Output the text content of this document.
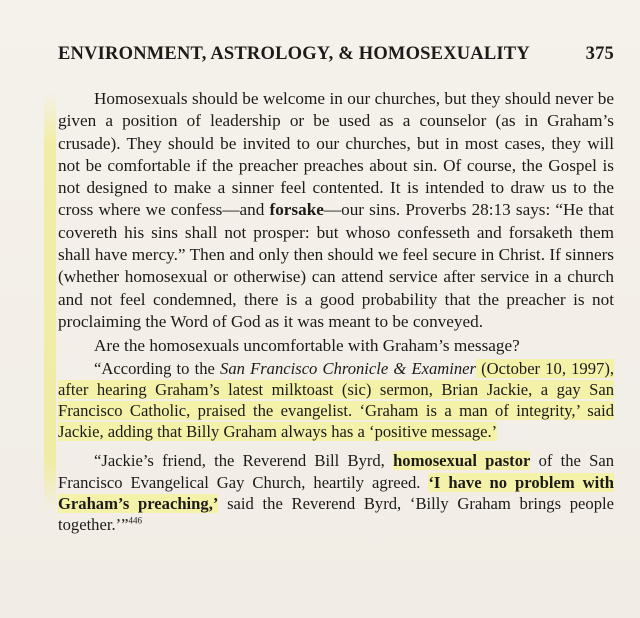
ENVIRONMENT, ASTROLOGY, & HOMOSEXUALITY	375

Homosexuals should be welcome in our churches, but they should never be given a position of leadership or be used as a counselor (as in Graham’s crusade). They should be invited to our churches, but in most cases, they will not be comfortable if the preacher preaches about sin. Of course, the Gospel is not designed to make a sinner feel contented. It is intended to draw us to the cross where we confess—and forsake—our sins. Proverbs 28:13 says: “He that covereth his sins shall not prosper: but whoso confesseth and forsaketh them shall have mercy.” Then and only then should we feel secure in Christ. If sinners (whether homosexual or otherwise) can attend service after service in a church and not feel condemned, there is a good probability that the preacher is not proclaiming the Word of God as it was meant to be conveyed.

Are the homosexuals uncomfortable with Graham’s message?

“According to the San Francisco Chronicle & Examiner (October 10, 1997), after hearing Graham’s latest milktoast (sic) sermon, Brian Jackie, a gay San Francisco Catholic, praised the evangelist. ‘Graham is a man of integrity,’ said Jackie, adding that Billy Graham always has a ‘positive message.’

“Jackie’s friend, the Reverend Bill Byrd, homosexual pastor of the San Francisco Evangelical Gay Church, heartily agreed. ‘I have no problem with Graham’s preaching,’ said the Reverend Byrd, ‘Billy Graham brings people together.’”$^{446}$
